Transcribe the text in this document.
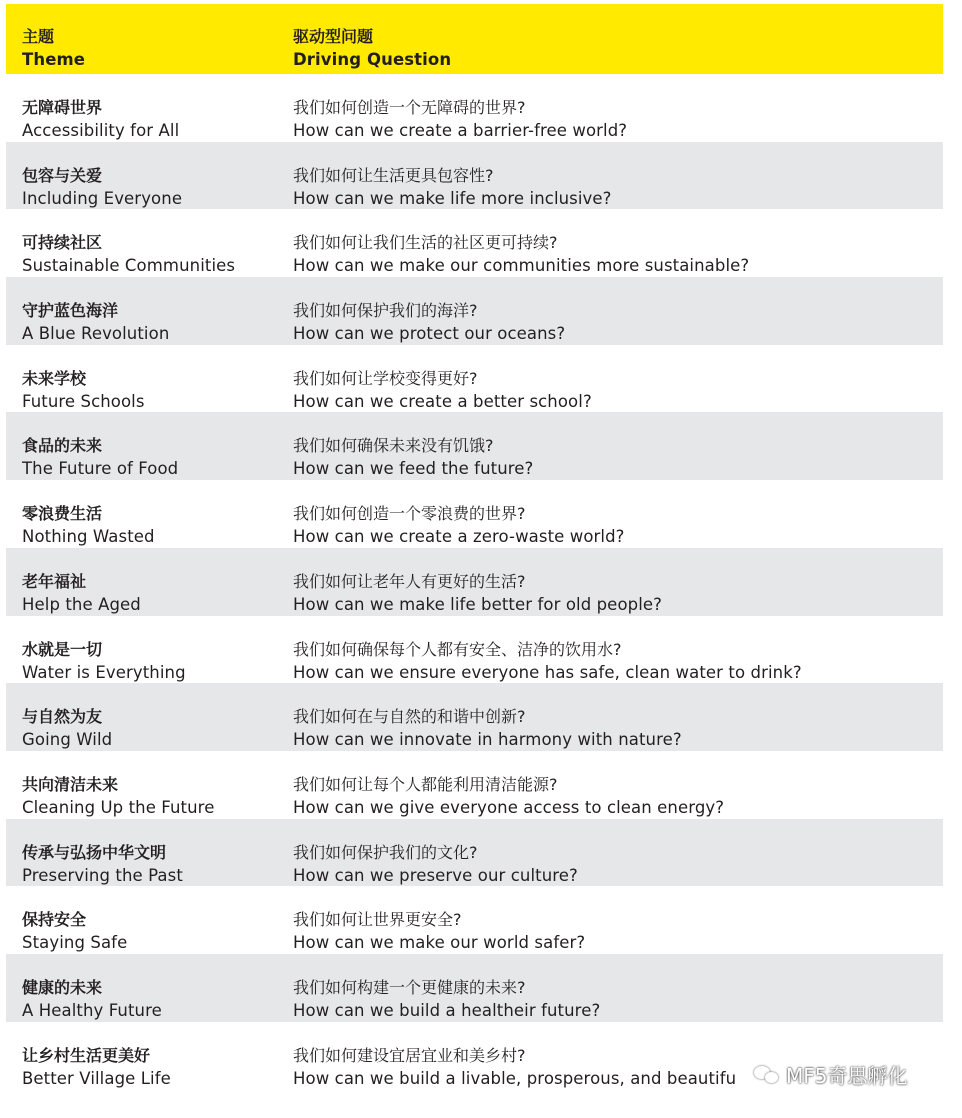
主题
Theme
驱动型问题
Driving Question
无障碍世界
Accessibility for All
我们如何创造一个无障碍的世界?
How can we create a barrier-free world?
包容与关爱
Including Everyone
我们如何让生活更具包容性?
How can we make life more inclusive?
可持续社区
Sustainable Communities
我们如何让我们生活的社区更可持续?
How can we make our communities more sustainable?
守护蓝色海洋
A Blue Revolution
我们如何保护我们的海洋?
How can we protect our oceans?
未来学校
Future Schools
我们如何让学校变得更好?
How can we create a better school?
食品的未来
The Future of Food
我们如何确保未来没有饥饿?
How can we feed the future?
零浪费生活
Nothing Wasted
我们如何创造一个零浪费的世界?
How can we create a zero-waste world?
老年福祉
Help the Aged
我们如何让老年人有更好的生活?
How can we make life better for old people?
水就是一切
Water is Everything
我们如何确保每个人都有安全、洁净的饮用水?
How can we ensure everyone has safe, clean water to drink?
与自然为友
Going Wild
我们如何在与自然的和谐中创新?
How can we innovate in harmony with nature?
共向清洁未来
Cleaning Up the Future
我们如何让每个人都能利用清洁能源?
How can we give everyone access to clean energy?
传承与弘扬中华文明
Preserving the Past
我们如何保护我们的文化?
How can we preserve our culture?
保持安全
Staying Safe
我们如何让世界更安全?
How can we make our world safer?
健康的未来
A Healthy Future
我们如何构建一个更健康的未来?
How can we build a healtheir future?
让乡村生活更美好
Better Village Life
我们如何建设宜居宜业和美乡村?
How can we build a livable, prosperous, and beautifu	MF5奇思孵化
